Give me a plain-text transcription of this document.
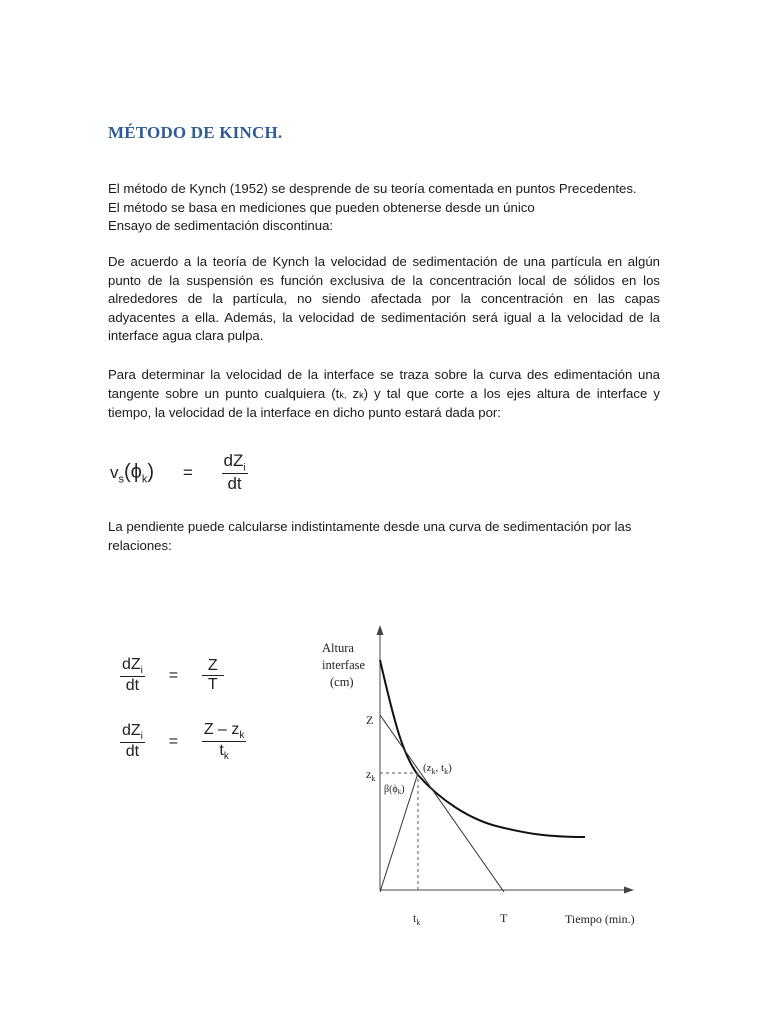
MÉTODO DE KINCH.
El método de Kynch (1952) se desprende de su teoría comentada en puntos Precedentes.
El método se basa en mediciones que pueden obtenerse desde un único
Ensayo de sedimentación discontinua:
De acuerdo a la teoría de Kynch la velocidad de sedimentación de una partícula en algún
punto de la suspensión es función exclusiva de la concentración local de sólidos en los
alrededores de la partícula, no siendo afectada por la concentración en las capas
adyacentes a ella. Además, la velocidad de sedimentación será igual a la velocidad de la
interface agua clara pulpa.
Para determinar la velocidad de la interface se traza sobre la curva des edimentación una
tangente sobre un punto cualquiera (tk, zk) y tal que corte a los ejes altura de interface y
tiempo, la velocidad de la interface en dicho punto estará dada por:
$v_s(\phi_k) = \frac{dZ_i}{dt}$
La pendiente puede calcularse indistintamente desde una curva de sedimentación por las
relaciones:
$\frac{dZ_i}{dt} = \frac{Z}{T}$
$\frac{dZ_i}{dt} = \frac{Z - z_k}{t_k}$
Altura
interfase
(cm)
Z
$z_k$
($z_k$, $t_k$)
$\beta(\phi_k)$
$t_k$	T	Tiempo (min.)
